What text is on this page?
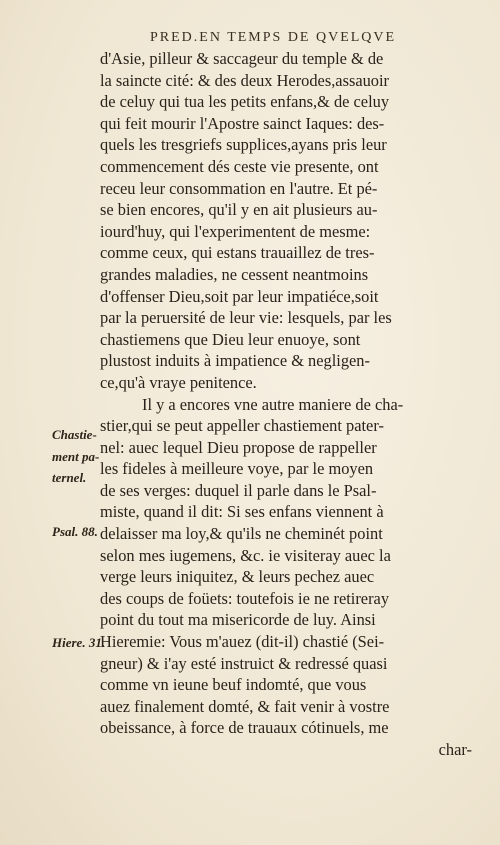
PRED.EN TEMPS DE QVELQVE
d'Asie, pilleur & saccageur du temple & de
la saincte cité: & des deux Herodes,assauoir
de celuy qui tua les petits enfans,& de celuy
qui feit mourir l'Apostre sainct Iaques: des-
quels les tresgriefs supplices,ayans pris leur
commencement dés ceste vie presente, ont
receu leur consommation en l'autre. Et pé-
se bien encores, qu'il y en ait plusieurs au-
iourd'huy, qui l'experimentent de mesme:
comme ceux, qui estans trauaillez de tres-
grandes maladies, ne cessent neantmoins
d'offenser Dieu,soit par leur impatiéce,soit
par la peruersité de leur vie: lesquels, par les
chastiemens que Dieu leur enuoye, sont
plustost induits à impatience & negligen-
ce,qu'à vraye penitence.
Il y a encores vne autre maniere de cha-
stier,qui se peut appeller chastiement pater-
nel: auec lequel Dieu propose de rappeller
les fideles à meilleure voye, par le moyen
de ses verges: duquel il parle dans le Psal-
miste, quand il dit: Si ses enfans viennent à
delaisser ma loy,& qu'ils ne cheminét point
selon mes iugemens, &c. ie visiteray auec la
verge leurs iniquitez, & leurs pechez auec
des coups de foüets: toutefois ie ne retireray
point du tout ma misericorde de luy. Ainsi
Hieremie: Vous m'auez (dit-il) chastié (Sei-
gneur) & i'ay esté instruict & redressé quasi
comme vn ieune beuf indomté, que vous
auez finalement domté, & fait venir à vostre
obeissance, à force de trauaux cótinuels, me
char-
Chastie-
ment pa-
ternel.
Psal. 88.
Hiere. 31.
